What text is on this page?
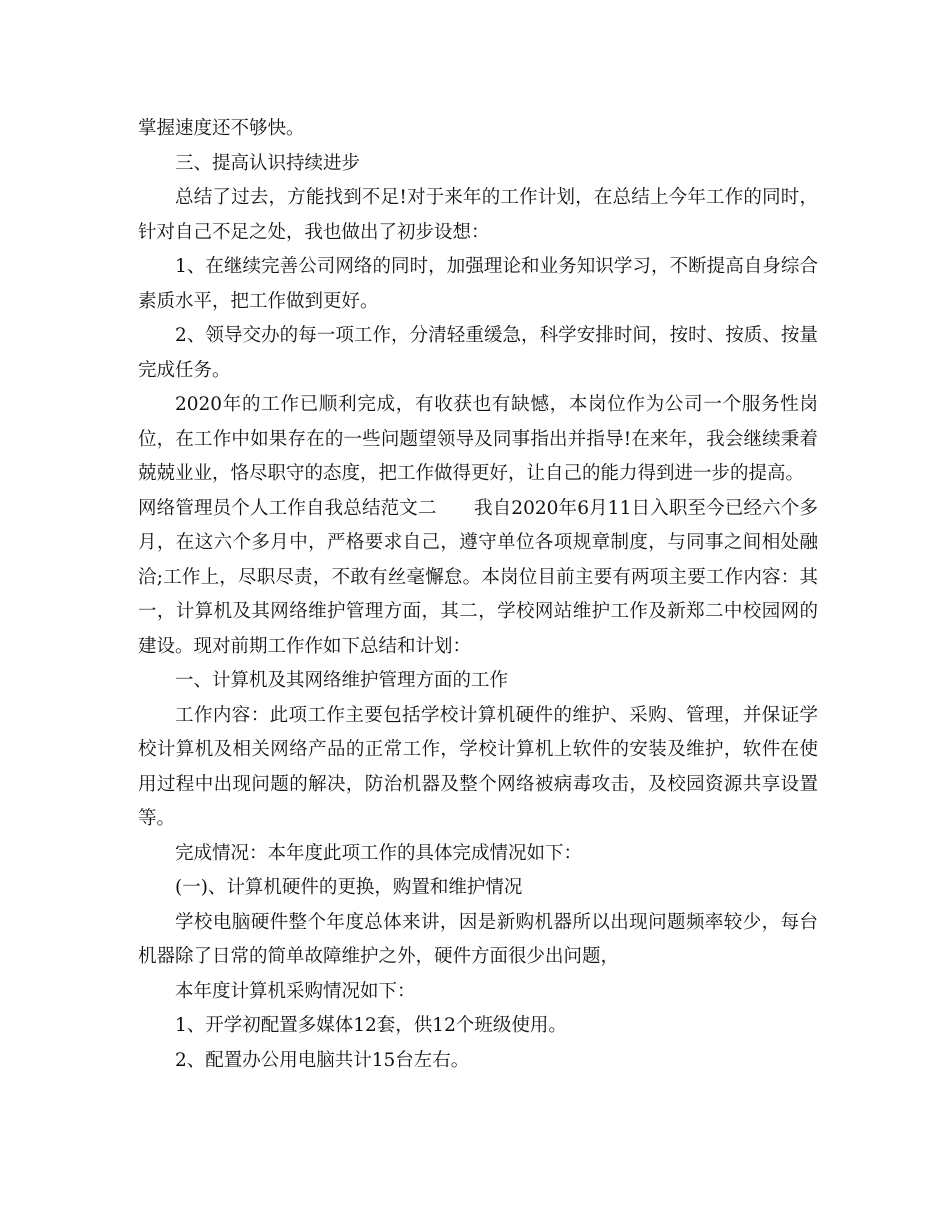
掌握速度还不够快。

三、提高认识持续进步

总结了过去，方能找到不足!对于来年的工作计划，在总结上今年工作的同时，针对自己不足之处，我也做出了初步设想：

1、在继续完善公司网络的同时，加强理论和业务知识学习，不断提高自身综合素质水平，把工作做到更好。

2、领导交办的每一项工作，分清轻重缓急，科学安排时间，按时、按质、按量完成任务。

2020年的工作已顺利完成，有收获也有缺憾，本岗位作为公司一个服务性岗位，在工作中如果存在的一些问题望领导及同事指出并指导!在来年，我会继续秉着兢兢业业，恪尽职守的态度，把工作做得更好，让自己的能力得到进一步的提高。

网络管理员个人工作自我总结范文二　　我自2020年6月11日入职至今已经六个多月，在这六个多月中，严格要求自己，遵守单位各项规章制度，与同事之间相处融洽;工作上，尽职尽责，不敢有丝毫懈怠。本岗位目前主要有两项主要工作内容：其一，计算机及其网络维护管理方面，其二，学校网站维护工作及新郑二中校园网的建设。现对前期工作作如下总结和计划：

一、计算机及其网络维护管理方面的工作

工作内容：此项工作主要包括学校计算机硬件的维护、采购、管理，并保证学校计算机及相关网络产品的正常工作，学校计算机上软件的安装及维护，软件在使用过程中出现问题的解决，防治机器及整个网络被病毒攻击，及校园资源共享设置等。

完成情况：本年度此项工作的具体完成情况如下：

(一)、计算机硬件的更换，购置和维护情况

学校电脑硬件整个年度总体来讲，因是新购机器所以出现问题频率较少，每台机器除了日常的简单故障维护之外，硬件方面很少出问题，

本年度计算机采购情况如下：

1、开学初配置多媒体12套，供12个班级使用。

2、配置办公用电脑共计15台左右。
